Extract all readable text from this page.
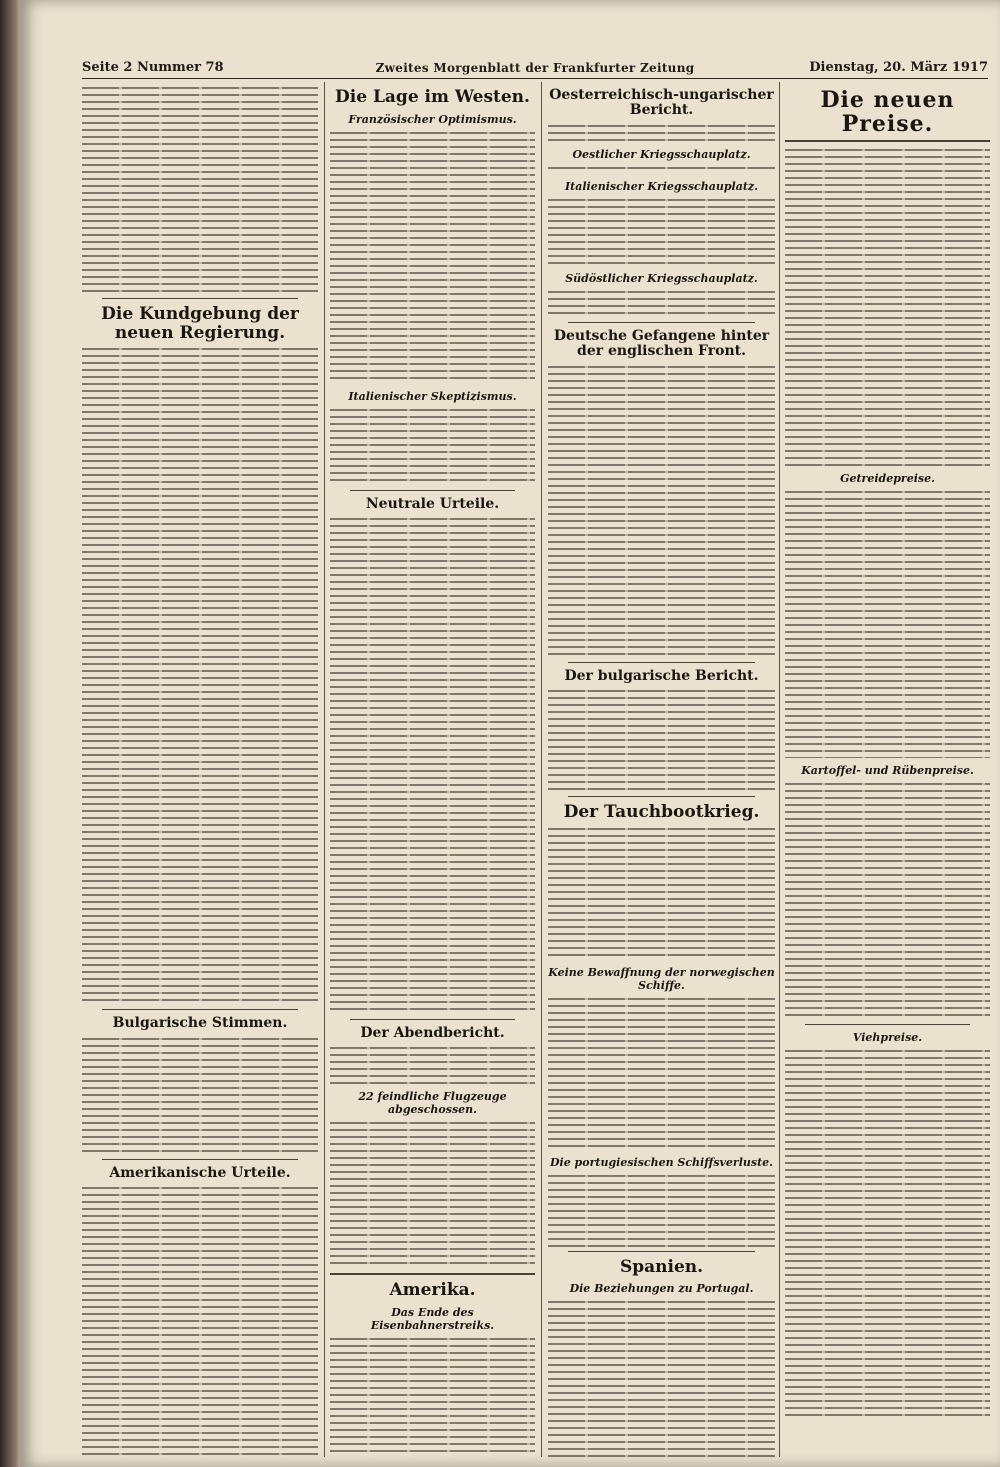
Seite 2 Nummer 78	Zweites Morgenblatt der Frankfurter Zeitung	Dienstag, 20. März 1917
Die Kundgebung der neuen Regierung.
Bulgarische Stimmen.
Amerikanische Urteile.
Die Lage im Westen.
Französischer Optimismus.
Italienischer Skeptizismus.
Neutrale Urteile.
Der Abendbericht.
22 feindliche Flugzeuge abgeschossen.
Amerika.
Das Ende des Eisenbahnerstreiks.
Oesterreichisch-ungarischer Bericht.
Oestlicher Kriegsschauplatz.
Italienischer Kriegsschauplatz.
Südöstlicher Kriegsschauplatz.
Deutsche Gefangene hinter der englischen Front.
Der bulgarische Bericht.
Der Tauchbootkrieg.
Keine Bewaffnung der norwegischen Schiffe.
Die portugiesischen Schiffsverluste.
Spanien.
Die Beziehungen zu Portugal.
Die neuen Preise.
Getreidepreise.
Kartoffel- und Rübenpreise.
Viehpreise.
